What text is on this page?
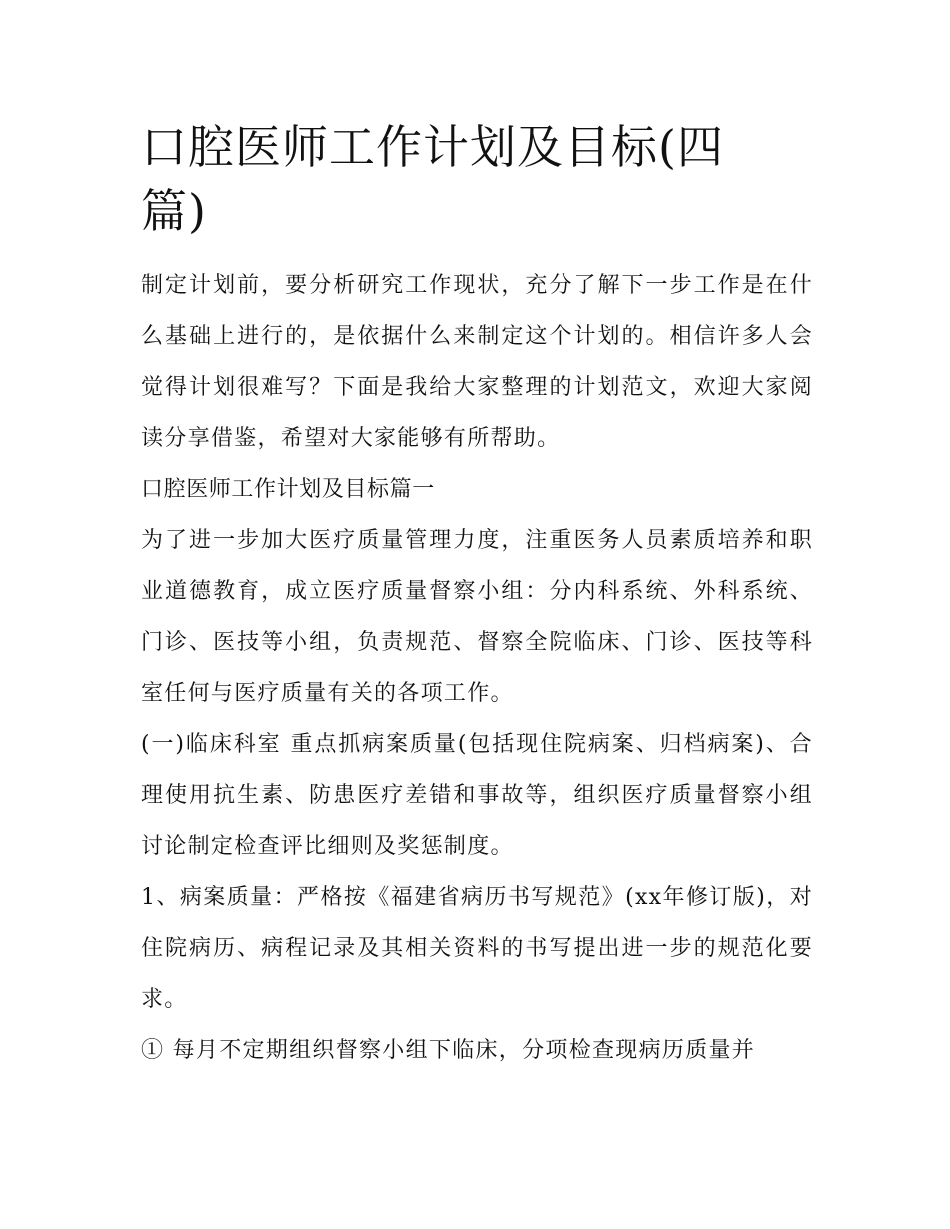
口腔医师工作计划及目标(四篇)

制定计划前，要分析研究工作现状，充分了解下一步工作是在什么基础上进行的，是依据什么来制定这个计划的。相信许多人会觉得计划很难写？下面是我给大家整理的计划范文，欢迎大家阅读分享借鉴，希望对大家能够有所帮助。

口腔医师工作计划及目标篇一

为了进一步加大医疗质量管理力度，注重医务人员素质培养和职业道德教育，成立医疗质量督察小组：分内科系统、外科系统、门诊、医技等小组，负责规范、督察全院临床、门诊、医技等科室任何与医疗质量有关的各项工作。

(一)临床科室 重点抓病案质量(包括现住院病案、归档病案)、合理使用抗生素、防患医疗差错和事故等，组织医疗质量督察小组讨论制定检查评比细则及奖惩制度。

1、病案质量：严格按《福建省病历书写规范》(xx年修订版)，对住院病历、病程记录及其相关资料的书写提出进一步的规范化要求。

① 每月不定期组织督察小组下临床，分项检查现病历质量并
